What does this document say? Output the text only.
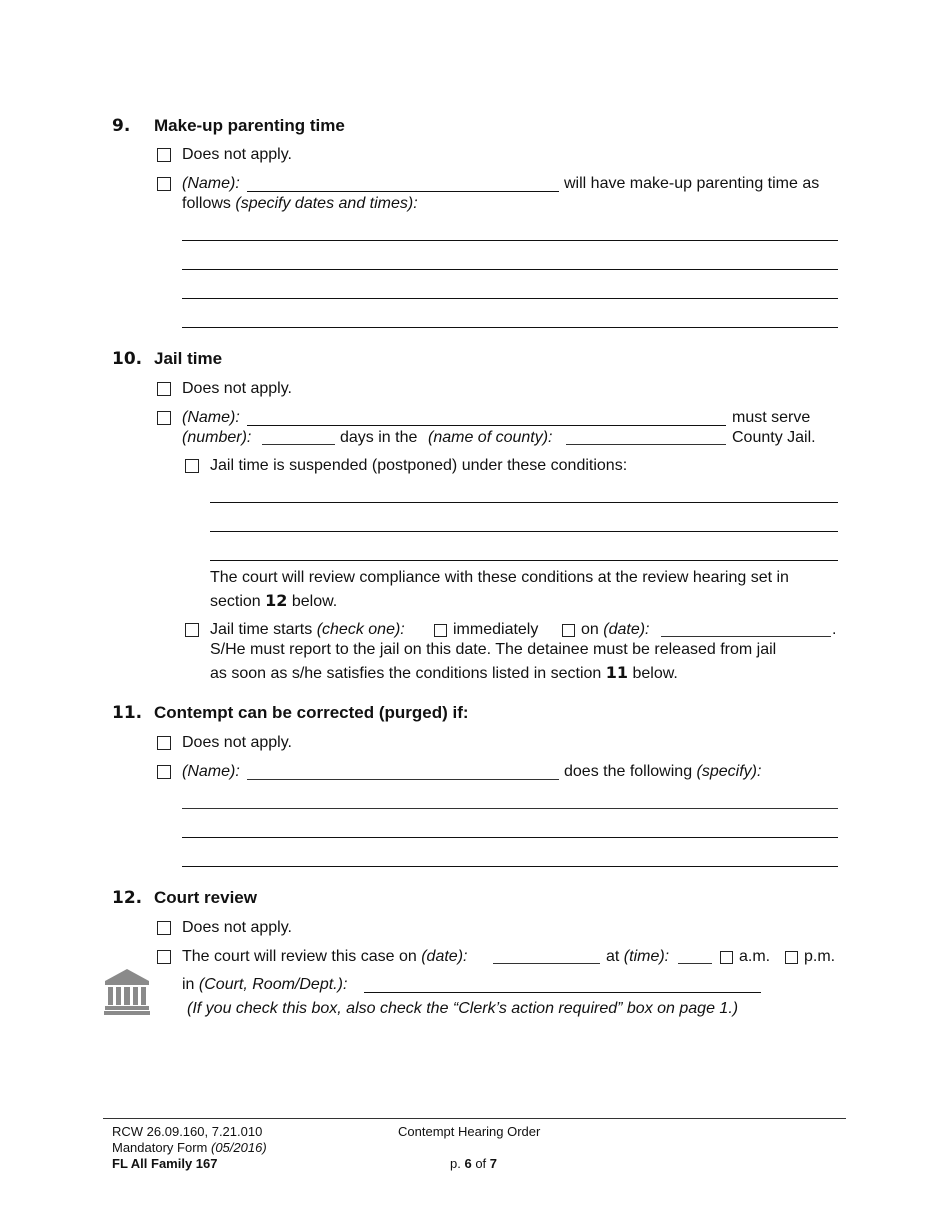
9. Make-up parenting time
Does not apply.
(Name):	will have make-up parenting time as
follows (specify dates and times):
10. Jail time
Does not apply.
(Name):	must serve
(number):	days in the (name of county):	County Jail.
Jail time is suspended (postponed) under these conditions:
The court will review compliance with these conditions at the review hearing set in
section 12 below.
Jail time starts (check one):	immediately	on (date):	.
S/He must report to the jail on this date. The detainee must be released from jail
as soon as s/he satisfies the conditions listed in section 11 below.
11. Contempt can be corrected (purged) if:
Does not apply.
(Name):	does the following (specify):
12. Court review
Does not apply.
The court will review this case on (date):	at (time):	a.m. p.m.
in (Court, Room/Dept.):
(If you check this box, also check the “Clerk’s action required” box on page 1.)
RCW 26.09.160, 7.21.010
Mandatory Form (05/2016)
FL All Family 167
Contempt Hearing Order
p. 6 of 7
